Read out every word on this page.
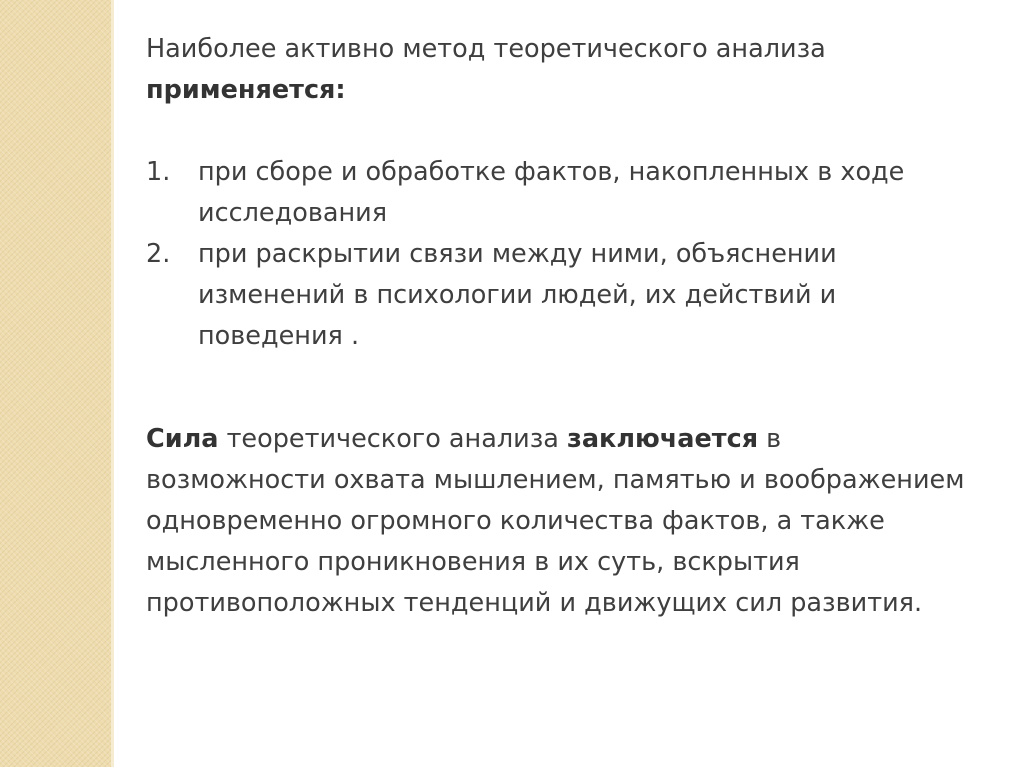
Наиболее активно метод теоретического анализа
применяется:

1. при сборе и обработке фактов, накопленных в ходе исследования
2. при раскрытии связи между ними, объяснении изменений в психологии людей, их действий и поведения .

Сила теоретического анализа заключается в возможности охвата мышлением, памятью и воображением одновременно огромного количества фактов, а также мысленного проникновения в их суть, вскрытия противоположных тенденций и движущих сил развития.
